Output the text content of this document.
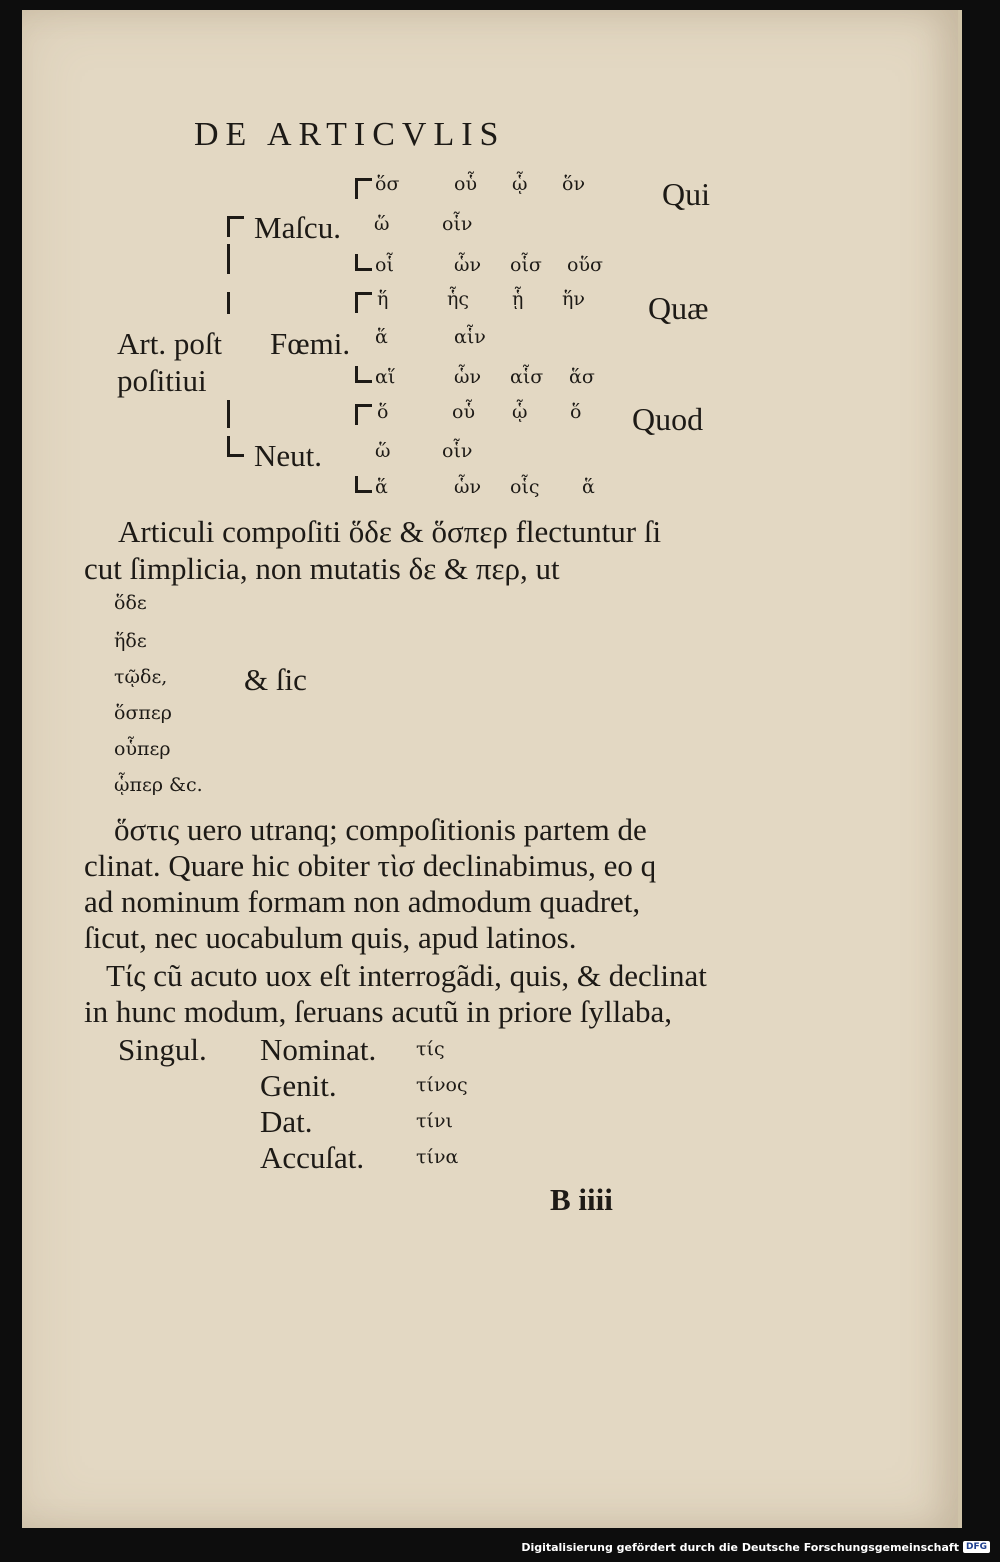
DE ARTICVLIS
ὅσ	οὗ ᾧ ὅν Qui
Maſcu. ὥ	οἷν
οἷ	ὧν οἷσ οὕσ
ἥ	ἧς ᾗ ἥν Quæ
Art. poſt Fœmi. ἅ	αἷν
poſitiui	αἵ	ὧν αἷσ ἅσ
ὅ	οὗ ᾧ ὅ Quod
Neut.	ὥ	οἷν
ἅ	ὧν οἷς ἅ
Articuli compoſiti ὅδε & ὅσπερ flectuntur ſi
cut ſimplicia, non mutatis δε & περ, ut
ὅδε
ἥδε
τῷδε, & ſic
ὅσπερ
οὗπερ
ᾧπερ &c.
ὅστις uero utranq; compoſitionis partem de
clinat. Quare hic obiter τὶσ declinabimus, eo q
ad nominum formam non admodum quadret,
ſicut, nec uocabulum quis, apud latinos.
Τίς cũ acuto uox eſt interrogãdi, quis, & declinat
in hunc modum, ſeruans acutũ in priore ſyllaba,
Singul. Nominat. τίς
Genit.	τίνος
Dat.	τίνι
Accuſat.	τίνα
B iiii
Digitalisierung gefördert durch die Deutsche Forschungsgemeinschaft DFG
